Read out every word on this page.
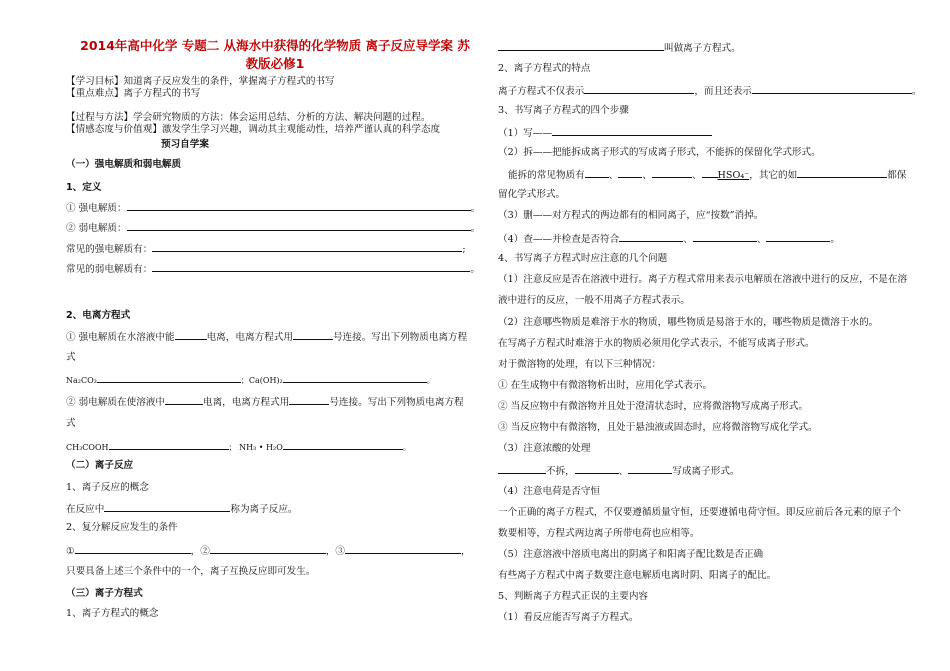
2014年高中化学 专题二 从海水中获得的化学物质 离子反应导学案 苏
教版必修1
【学习目标】知道离子反应发生的条件，掌握离子方程式的书写
【重点难点】离子方程式的书写
【过程与方法】学会研究物质的方法：体会运用总结、分析的方法、解决问题的过程。
【情感态度与价值观】激发学生学习兴趣，调动其主观能动性，培养严谨认真的科学态度
预习自学案
（一）强电解质和弱电解质
1、定义
① 强电解质：	。
② 弱电解质：	。
常见的强电解质有：	;
常见的弱电解质有：	。
2、电离方程式
① 强电解质在水溶液中能	电离，电离方程式用	号连接。写出下列物质电离方程
式
Na₂CO₃	；Ca(OH)₂	。
② 弱电解质在使溶液中	电离，电离方程式用	号连接。写出下列物质电离方程
式
CH₃COOH	； NH₃ • H₂O	。
（二）离子反应
1、离子反应的概念
在反应中	称为离子反应。
2、复分解反应发生的条件
①	，②	，③	，
只要具备上述三个条件中的一个，离子互换反应即可发生。
（三）离子方程式
1、离子方程式的概念
叫做离子方程式。
2、离子方程式的特点
离子方程式不仅表示	，而且还表示	。
3、书写离子方程式的四个步骤
（1）写——
（2）拆——把能拆成离子形式的写成离子形式，不能拆的保留化学式形式。
能拆的常见物质有	、	、	、 HSO₄⁻，其它的如	都保
留化学式形式。
（3）删——对方程式的两边都有的相同离子，应“按数”消掉。
（4）查——并检查是否符合	、	、	。
4、书写离子方程式时应注意的几个问题
（1）注意反应是否在溶液中进行。离子方程式常用来表示电解质在溶液中进行的反应，不是在溶
液中进行的反应，一般不用离子方程式表示。
（2）注意哪些物质是难溶于水的物质，哪些物质是易溶于水的，哪些物质是微溶于水的。
在写离子方程式时难溶于水的物质必须用化学式表示，不能写成离子形式。
对于微溶物的处理，有以下三种情况：
① 在生成物中有微溶物析出时，应用化学式表示。
② 当反应物中有微溶物并且处于澄清状态时，应将微溶物写成离子形式。
③ 当反应物中有微溶物，且处于悬浊液或固态时，应将微溶物写成化学式。
（3）注意浓酸的处理
不拆，	、	写成离子形式。
（4）注意电荷是否守恒
一个正确的离子方程式，不仅要遵循质量守恒，还要遵循电荷守恒。即反应前后各元素的原子个
数要相等，方程式两边离子所带电荷也应相等。
（5）注意溶液中溶质电离出的阴离子和阳离子配比数是否正确
有些离子方程式中离子数要注意电解质电离时阴、阳离子的配比。
5、判断离子方程式正误的主要内容
（1）看反应能否写离子方程式。
